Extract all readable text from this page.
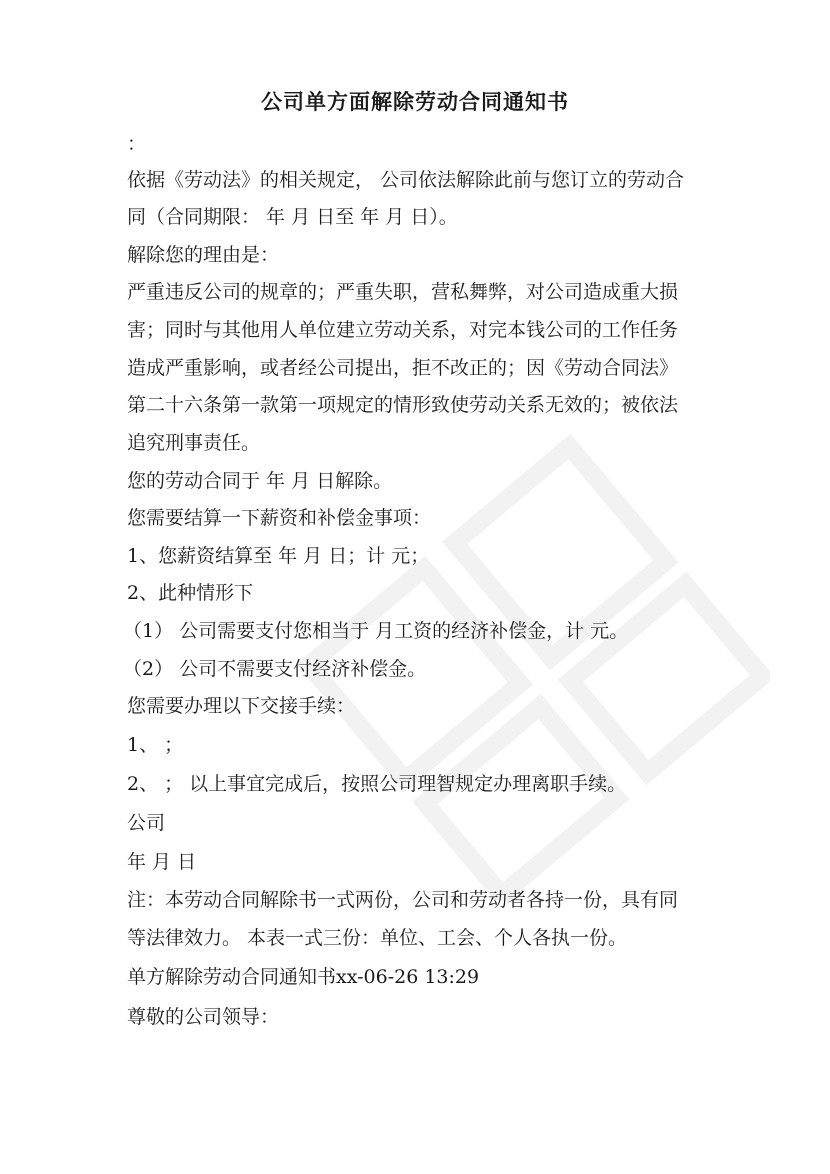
公司单方面解除劳动合同通知书
：
依据《劳动法》的相关规定， 公司依法解除此前与您订立的劳动合
同（合同期限： 年 月 日至 年 月 日）。
解除您的理由是：
严重违反公司的规章的；严重失职，营私舞弊，对公司造成重大损
害；同时与其他用人单位建立劳动关系，对完本钱公司的工作任务
造成严重影响，或者经公司提出，拒不改正的；因《劳动合同法》
第二十六条第一款第一项规定的情形致使劳动关系无效的；被依法
追究刑事责任。
您的劳动合同于 年 月 日解除。
您需要结算一下薪资和补偿金事项：
1、您薪资结算至 年 月 日；计 元；
2、此种情形下
（1） 公司需要支付您相当于 月工资的经济补偿金，计 元。
（2） 公司不需要支付经济补偿金。
您需要办理以下交接手续：
1、 ；
2、 ； 以上事宜完成后，按照公司理智规定办理离职手续。
公司
年 月 日
注：本劳动合同解除书一式两份，公司和劳动者各持一份，具有同
等法律效力。 本表一式三份：单位、工会、个人各执一份。
单方解除劳动合同通知书xx-06-26 13:29
尊敬的公司领导：
